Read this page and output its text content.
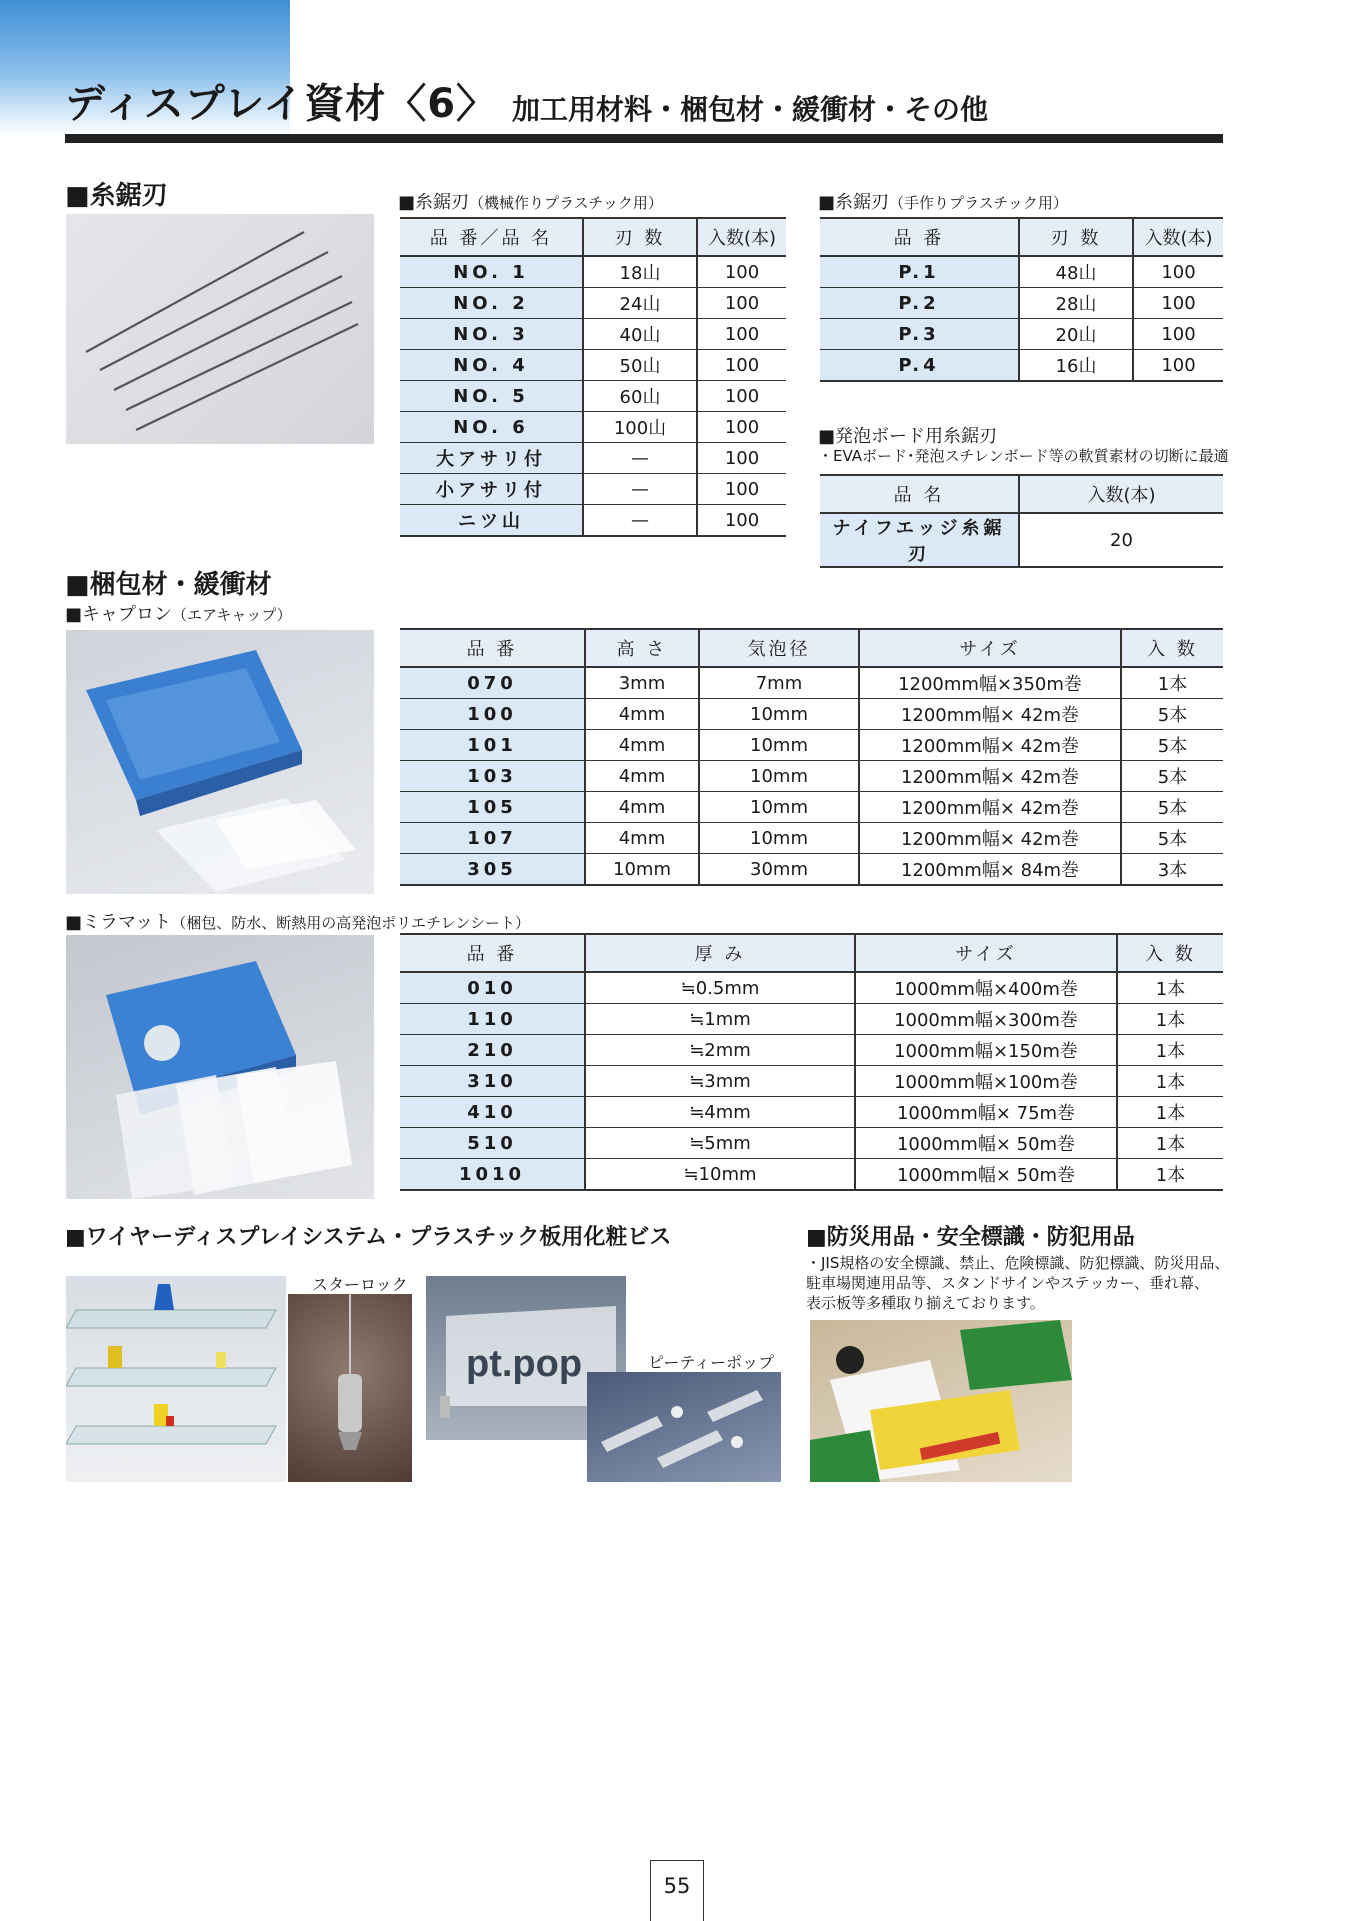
ディスプレイ資材〈6〉 加工用材料・梱包材・緩衝材・その他
■糸鋸刃	■糸鋸刃（機械作りプラスチック用）
品 番／品 名	刃 数	入数(本)
NO. 1	18山	100
NO. 2	24山	100
NO. 3	40山	100
NO. 4	50山	100
NO. 5	60山	100
NO. 6	100山	100
大アサリ付	—	100
小アサリ付	—	100
ニツ山	—	100
■糸鋸刃（手作りプラスチック用）
品 番	刃 数	入数(本)
P.1	48山	100
P.2	28山	100
P.3	20山	100
P.4	16山	100
■発泡ボード用糸鋸刃
・EVAボード･発泡スチレンボード等の軟質素材の切断に最適
品 名	入数(本)
ナイフエッジ糸鋸刃	20
■梱包材・緩衝材
■キャプロン（エアキャップ）
品 番	高 さ	気泡径	サイズ	入 数
070	3mm	7mm	1200mm幅×350m巻	1本
100	4mm	10mm	1200mm幅× 42m巻	5本
101	4mm	10mm	1200mm幅× 42m巻	5本
103	4mm	10mm	1200mm幅× 42m巻	5本
105	4mm	10mm	1200mm幅× 42m巻	5本
107	4mm	10mm	1200mm幅× 42m巻	5本
305	10mm	30mm	1200mm幅× 84m巻	3本
■ミラマット（梱包、防水、断熱用の高発泡ポリエチレンシート）
品 番	厚 み	サイズ	入 数
010	≒0.5mm	1000mm幅×400m巻	1本
110	≒1mm	1000mm幅×300m巻	1本
210	≒2mm	1000mm幅×150m巻	1本
310	≒3mm	1000mm幅×100m巻	1本
410	≒4mm	1000mm幅× 75m巻	1本
510	≒5mm	1000mm幅× 50m巻	1本
1010	≒10mm	1000mm幅× 50m巻	1本
■ワイヤーディスプレイシステム・プラスチック板用化粧ビス
スターロック
pt.pop	ピーティーポップ
■防災用品・安全標識・防犯用品
・JIS規格の安全標識、禁止、危険標識、防犯標識、防災用品、
駐車場関連用品等、スタンドサインやステッカー、垂れ幕、
表示板等多種取り揃えております。
55
